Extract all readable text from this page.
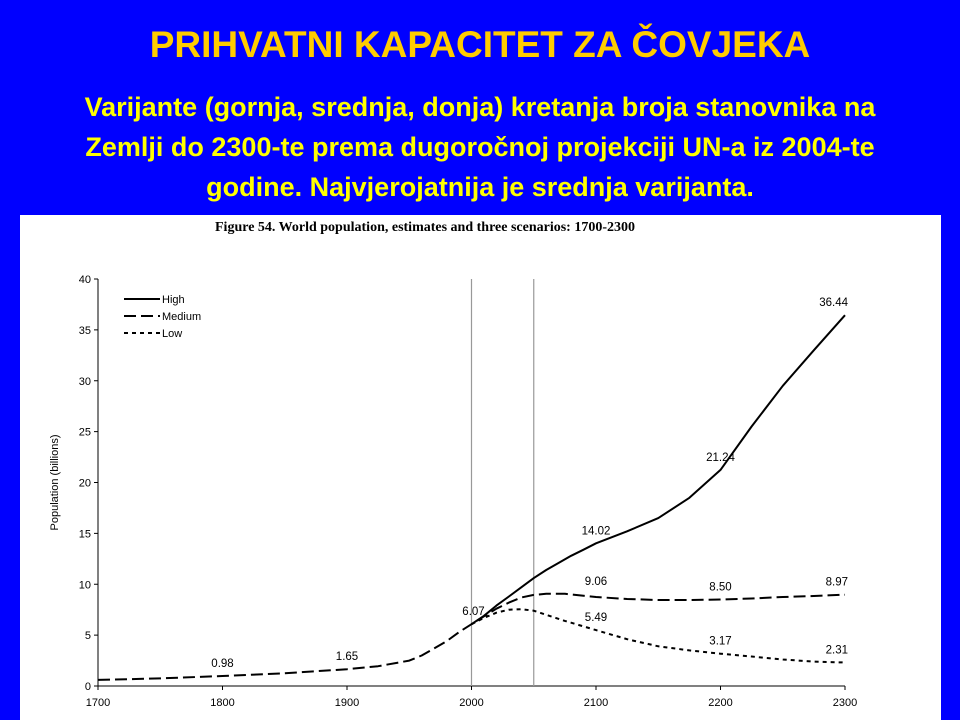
PRIHVATNI KAPACITET ZA ČOVJEKA
Varijante (gornja, srednja, donja) kretanja broja stanovnika na
Zemlji do 2300-te prema dugoročnoj projekciji UN-a iz 2004-te
godine. Najvjerojatnija je srednja varijanta.
Figure 54. World population, estimates and three scenarios: 1700-2300
0
5
10
15
20
25
30
35
40
1700	1800	1900	2000	2100	2200	2300
0.98
1.65
6.07
14.02
21.24
36.44
9.06	8.50	8.97
5.49
3.17
2.31
High
Medium
Low
Population (billions)
